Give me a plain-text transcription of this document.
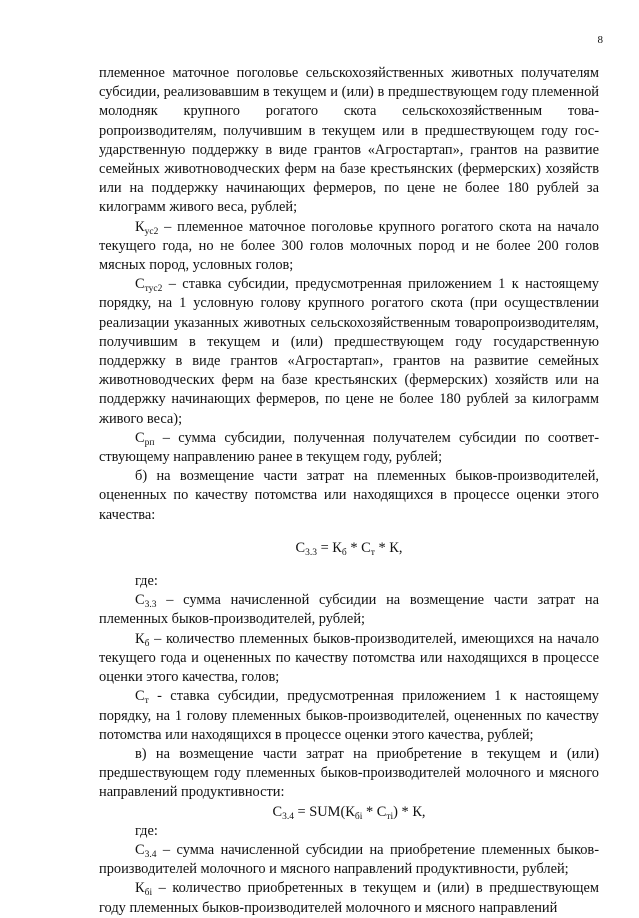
8

племенное маточное поголовье сельскохозяйственных животных получателям субсидии, реализовавшим в текущем и (или) в предшествующем году племенной молодняк крупного рогатого скота сельскохозяйственным товаропроизводителям, получившим в текущем или в предшествующем году государственную поддержку в виде грантов «Агростартап», грантов на развитие семейных животноводческих ферм на базе крестьянских (фермерских) хозяйств или на поддержку начинающих фермеров, по цене не более 180 рублей за килограмм живого веса, рублей;

$К_{ус2}$ – племенное маточное поголовье крупного рогатого скота на начало текущего года, но не более 300 голов молочных пород и не более 200 голов мясных пород, условных голов;

$С_{тус2}$ – ставка субсидии, предусмотренная приложением 1 к настоящему порядку, на 1 условную голову крупного рогатого скота (при осуществлении реализации указанных животных сельскохозяйственным товаропроизводителям, получившим в текущем и (или) предшествующем году государственную поддержку в виде грантов «Агростартап», грантов на развитие семейных животноводческих ферм на базе крестьянских (фермерских) хозяйств или на поддержку начинающих фермеров, по цене не более 180 рублей за килограмм живого веса);

$С_{рп}$ – сумма субсидии, полученная получателем субсидии по соответствующему направлению ранее в текущем году, рублей;

б) на возмещение части затрат на племенных быков-производителей, оцененных по качеству потомства или находящихся в процессе оценки этого качества:

$С_{3.3} = К_б * С_т * К$,

где:

$С_{3.3}$ – сумма начисленной субсидии на возмещение части затрат на племенных быков-производителей, рублей;

$К_б$ – количество племенных быков-производителей, имеющихся на начало текущего года и оцененных по качеству потомства или находящихся в процессе оценки этого качества, голов;

$С_т$ - ставка субсидии, предусмотренная приложением 1 к настоящему порядку, на 1 голову племенных быков-производителей, оцененных по качеству потомства или находящихся в процессе оценки этого качества, рублей;

в) на возмещение части затрат на приобретение в текущем и (или) предшествующем году племенных быков-производителей молочного и мясного направлений продуктивности:

$С_{3.4} = SUM(К_{бі} * С_{ті}) * К$,

где:

$С_{3.4}$ – сумма начисленной субсидии на приобретение племенных быков-производителей молочного и мясного направлений продуктивности, рублей;

$К_{бі}$ – количество приобретенных в текущем и (или) в предшествующем году племенных быков-производителей молочного и мясного направлений
